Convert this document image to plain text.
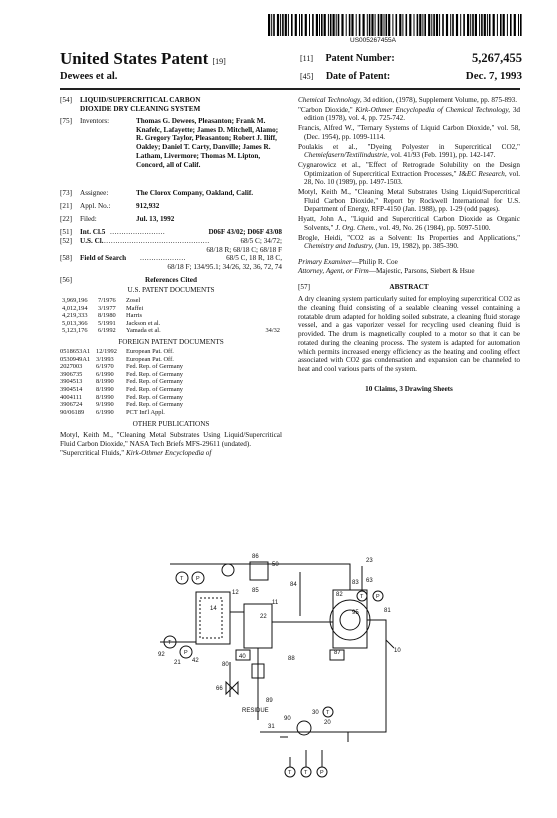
US005267455A
United States Patent [19]
Dewees et al.
[11] Patent Number:	5,267,455
[45] Date of Patent:	Dec. 7, 1993
[54] LIQUID/SUPERCRITICAL CARBON DIOXIDE DRY CLEANING SYSTEM
[75] Inventors:	Thomas G. Dewees, Pleasanton; Frank M. Knafelc, Lafayette; James D. Mitchell, Alamo; R. Gregory Taylor, Pleasanton; Robert J. Iliff, Oakley; Daniel T. Carty, Danville; James R. Latham, Livermore; Thomas M. Lipton, Concord, all of Calif.
[73] Assignee:	The Clorox Company, Oakland, Calif.
[21] Appl. No.:	912,932
[22] Filed:	Jul. 13, 1992
[51] Int. Cl.5 ........................	D06F 43/02; D06F 43/08
[52] U.S. Cl. ..............................................	68/5 C; 34/72;
68/18 R; 68/18 C; 68/18 F
[58] Field of Search ....................	68/5 C, 18 R, 18 C,
68/18 F; 134/95.1; 34/26, 32, 36, 72, 74
[56]	References Cited
U.S. PATENT DOCUMENTS
3,969,196	7/1976	Zosel	
4,012,194	3/1977	Maffei	
4,219,333	8/1980	Harris	
5,013,366	5/1991	Jackson et al.	
5,123,176	6/1992	Yamada et al.	34/32
FOREIGN PATENT DOCUMENTS
0518653A1	12/1992	European Pat. Off.
0530949A1	3/1993	European Pat. Off.
2027003	6/1970	Fed. Rep. of Germany
3906735	6/1990	Fed. Rep. of Germany
3904513	8/1990	Fed. Rep. of Germany
3904514	8/1990	Fed. Rep. of Germany
4004111	8/1990	Fed. Rep. of Germany
3906724	9/1990	Fed. Rep. of Germany
90/06189	6/1990	PCT Int'l Appl.
OTHER PUBLICATIONS
Motyl, Keith M., "Cleaning Metal Substrates Using Liquid/Supercritical Fluid Carbon Dioxide," NASA Tech Briefs MFS-29611 (undated).
"Supercritical Fluids," Kirk-Othmer Encyclopedia of

Chemical Technology, 3d edition, (1978), Supplement Volume, pp. 875-893.

"Carbon Dioxide," Kirk-Othmer Encyclopedia of Chemical Technology, 3d edition (1978), vol. 4, pp. 725-742.

Francis, Alfred W., "Ternary Systems of Liquid Carbon Dioxide," vol. 58, (Dec. 1954), pp. 1099-1114.

Poulakis et al., "Dyeing Polyester in Supercritical CO2," Chemiefasern/Textilindustrie, vol. 41/93 (Feb. 1991), pp. 142-147.

Cygnarowicz et al., "Effect of Retrograde Solubility on the Design Optimization of Supercritical Extraction Processes," I&EC Research, vol. 28, No. 10 (1989), pp. 1497-1503.

Motyl, Keith M., "Cleaning Metal Substrates Using Liquid/Supercritical Fluid Carbon Dioxide," Report by Rockwell International for U.S. Department of Energy, RFP-4150 (Jan. 1988), pp. 1-29 (odd pages).

Hyatt, John A., "Liquid and Supercritical Carbon Dioxide as Organic Solvents," J. Org. Chem., vol. 49, No. 26 (1984), pp. 5097-5100.

Brogle, Heidi, "CO2 as a Solvent: Its Properties and Applications," Chemistry and Industry, (Jun. 19, 1982), pp. 385-390.

Primary Examiner—Philip R. Coe
Attorney, Agent, or Firm—Majestic, Parsons, Siebert & Hsue
[57]	ABSTRACT
A dry cleaning system particularly suited for employing supercritical CO2 as the cleaning fluid consisting of a sealable cleaning vessel containing a rotatable drum adapted for holding soiled substrate, a cleaning fluid storage vessel, and a gas vaporizer vessel for recycling used cleaning fluid is provided. The drum is magnetically coupled to a motor so that it can be rotated during the cleaning process. The system is adapted for automation which permits increased energy efficiency as the heating and cooling effect associated with CO2 gas condensation and expansion can be channeled to heat and cool various parts of the system.
10 Claims, 3 Drawing Sheets
86
50
23
63
84
82
85
12
83
11
95
14	81
10
22
40
92
21 42	88
80
66
89
RESIDUE
90
30
20
87
31
T P
T
P
T P
T
T T P
